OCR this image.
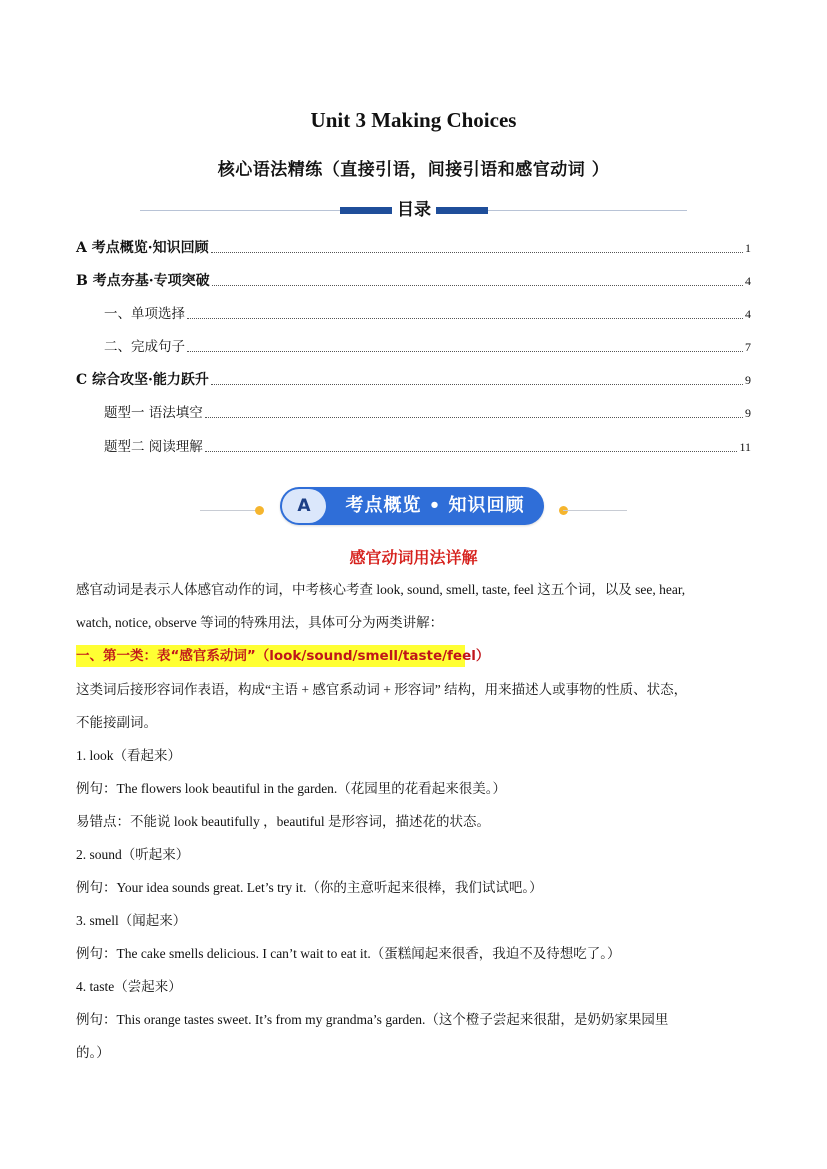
Unit 3 Making Choices
核心语法精练（直接引语，间接引语和感官动词 ）
目录
A 考点概览·知识回顾	1
B 考点夯基·专项突破	4
一、单项选择	4
二、完成句子	7
C 综合攻坚·能力跃升	9
题型一 语法填空	9
题型二 阅读理解	11
A	考点概览 • 知识回顾
感官动词用法详解
感官动词是表示人体感官动作的词，中考核心考查 look, sound, smell, taste, feel 这五个词，以及 see, hear,
watch, notice, observe 等词的特殊用法，具体可分为两类讲解：
一、第一类：表“感官系动词”（look/sound/smell/taste/feel）
这类词后接形容词作表语，构成“主语 + 感官系动词 + 形容词” 结构，用来描述人或事物的性质、状态，
不能接副词。
1. look（看起来）
例句：The flowers look beautiful in the garden.（花园里的花看起来很美。）
易错点：不能说 look beautifully ，beautiful 是形容词，描述花的状态。
2. sound（听起来）
例句：Your idea sounds great. Let’s try it.（你的主意听起来很棒，我们试试吧。）
3. smell（闻起来）
例句：The cake smells delicious. I can’t wait to eat it.（蛋糕闻起来很香，我迫不及待想吃了。）
4. taste（尝起来）
例句：This orange tastes sweet. It’s from my grandma’s garden.（这个橙子尝起来很甜，是奶奶家果园里
的。）
